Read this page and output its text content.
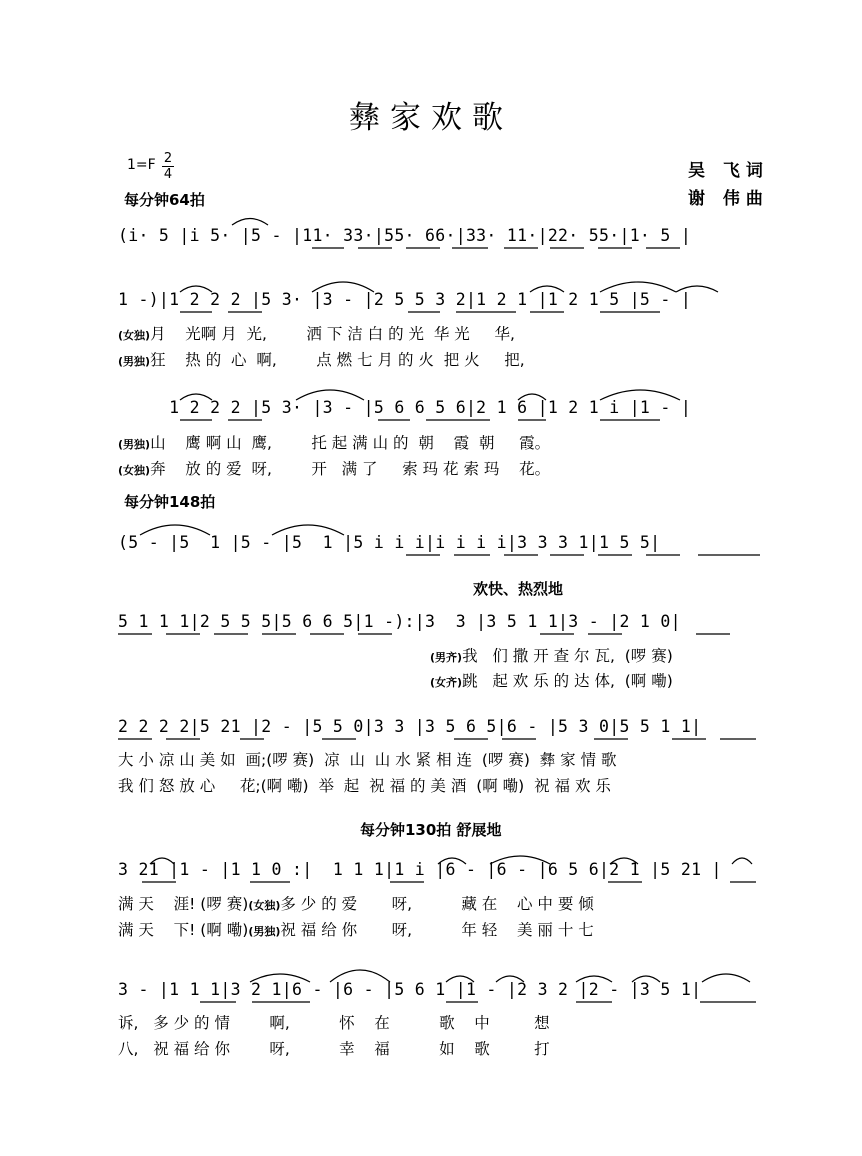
彝家欢歌
1=F 2
4	吴 飞词
谢 伟曲
每分钟64拍
(i· 5 |i 5· |5 - |11· 33·|55· 66·|33· 11·|22· 55·|1· 5 |
1 -)|1 2 2 2 |5 3· |3 - |2 5 5 3 2|1 2 1 |1 2 1 5 |5 - |
(女独)月    光啊 月  光,        洒 下 洁 白 的 光  华 光     华,
(男独)狂    热 的  心  啊,        点 燃 七 月 的 火  把 火     把,
1 2 2 2 |5 3· |3 - |5 6 6 5 6|2 1 6 |1 2 1 i |1 - |
(男独)山    鹰 啊 山  鹰,        托 起 满 山 的  朝    霞  朝     霞。
(女独)奔    放 的 爱  呀,        开   满 了     索 玛 花 索 玛    花。
每分钟148拍
(5 - |5  1 |5 - |5  1 |5 i i i|i i i i|3 3 3 1|1 5 5|
欢快、热烈地
5 1 1 1|2 5 5 5|5 6 6 5|1 -):|3  3 |3 5 1 1|3 - |2 1 0|
(男齐)我   们 撒 开 查 尔 瓦,  (啰 赛)
(女齐)跳   起 欢 乐 的 达 体,  (啊 嘞)
2 2 2 2|5 21 |2 - |5 5 0|3 3 |3 5 6 5|6 - |5 3 0|5 5 1 1|
大 小 凉 山 美 如  画;(啰 赛)  凉  山  山 水 紧 相 连  (啰 赛)  彝 家 情 歌
我 们 怒 放 心     花;(啊 嘞)  举  起  祝 福 的 美 酒  (啊 嘞)  祝 福 欢 乐
每分钟130拍 舒展地
3 21 |1 - |1 1 0 :|  1 1 1|1 i |6 - |6 - |6 5 6|2 1 |5 21 |
满 天    涯! (啰 赛)(女独)多 少 的 爱       呀,          藏 在    心 中 要 倾
满 天    下! (啊 嘞)(男独)祝 福 给 你       呀,          年 轻    美 丽 十 七
3 - |1 1 1|3 2 1|6 - |6 - |5 6 1 |1 - |2 3 2 |2 - |3 5 1|
诉,   多 少 的 情        啊,          怀    在          歌    中         想
八,   祝 福 给 你        呀,          幸    福          如    歌         打
